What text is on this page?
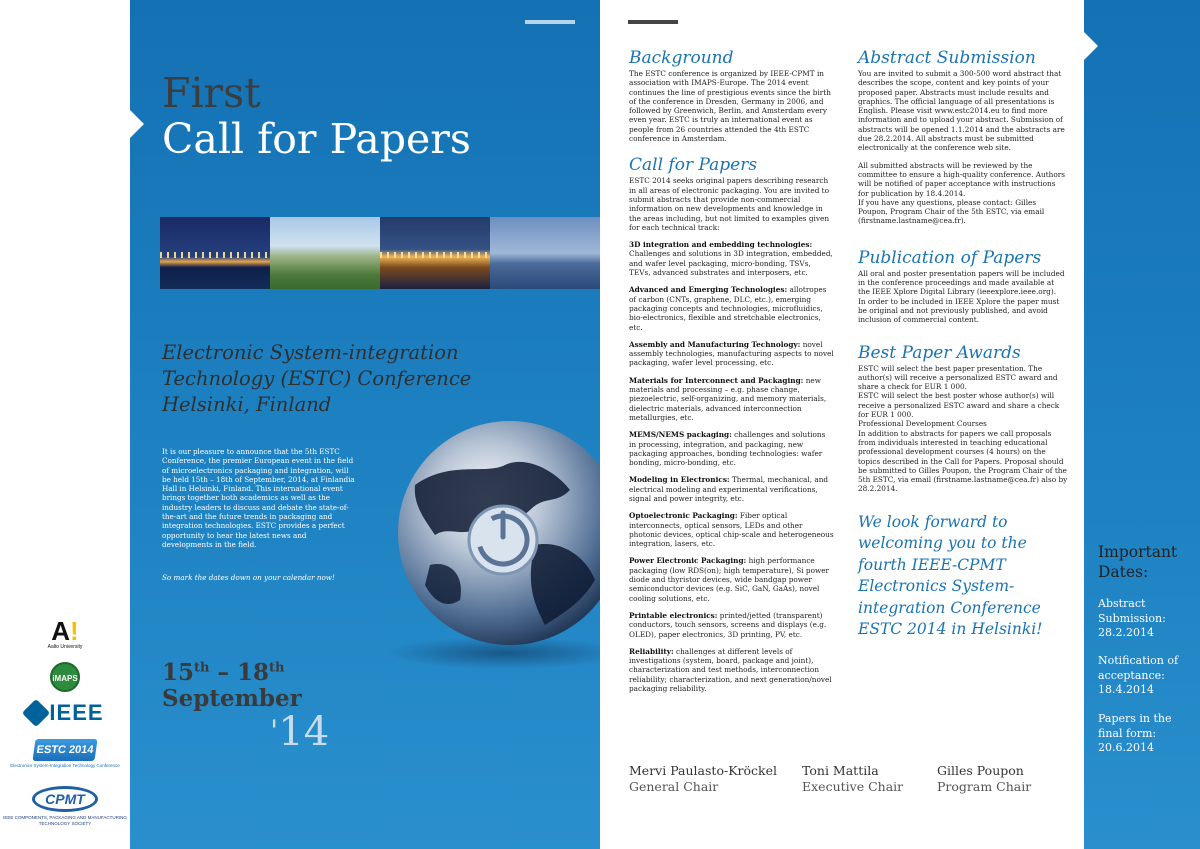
A!
Aalto University
iMAPS
IEEE
ESTC 2014
Electronics System-Integration Technology Conference
CPMT
IEEE COMPONENTS, PACKAGING AND MANUFACTURING TECHNOLOGY SOCIETY
First
Call for Papers
Electronic System-integration
Technology (ESTC) Conference
Helsinki, Finland
It is our pleasure to announce that the 5th ESTC Conference, the premier European event in the field of microelectronics packaging and integration, will be held 15th – 18th of September, 2014, at Finlandia Hall in Helsinki, Finland. This international event brings together both academics as well as the industry leaders to discuss and debate the state-of-the-art and the future trends in packaging and integration technologies. ESTC provides a perfect opportunity to hear the latest news and developments in the field.
So mark the dates down on your calendar now!
15th – 18th
September
'14
Background
The ESTC conference is organized by IEEE-CPMT in association with IMAPS-Europe. The 2014 event continues the line of prestigious events since the birth of the conference in Dresden, Germany in 2006, and followed by Greenwich, Berlin, and Amsterdam every even year. ESTC is truly an international event as people from 26 countries attended the 4th ESTC conference in Amsterdam.
Call for Papers
ESTC 2014 seeks original papers describing research in all areas of electronic packaging. You are invited to submit abstracts that provide non-commercial information on new developments and knowledge in the areas including, but not limited to examples given for each technical track:
3D integration and embedding technologies: Challenges and solutions in 3D integration, embedded, and wafer level packaging, micro-bonding, TSVs, TEVs, advanced substrates and interposers, etc.
Advanced and Emerging Technologies: allotropes of carbon (CNTs, graphene, DLC, etc.), emerging packaging concepts and technologies, microfluidics, bio-electronics, flexible and stretchable electronics, etc.
Assembly and Manufacturing Technology: novel assembly technologies, manufacturing aspects to novel packaging, wafer level processing, etc.
Materials for Interconnect and Packaging: new materials and processing – e.g. phase change, piezoelectric, self-organizing, and memory materials, dielectric materials, advanced interconnection metallurgies, etc.
MEMS/NEMS packaging: challenges and solutions in processing, integration, and packaging, new packaging approaches, bonding technologies: wafer bonding, micro-bonding, etc.
Modeling in Electronics: Thermal, mechanical, and electrical modeling and experimental verifications, signal and power integrity, etc.
Optoelectronic Packaging: Fiber optical interconnects, optical sensors, LEDs and other photonic devices, optical chip-scale and heterogeneous integration, lasers, etc.
Power Electronic Packaging: high performance packaging (low RDS(on); high temperature), Si power diode and thyristor devices, wide bandgap power semiconductor devices (e.g. SiC, GaN, GaAs), novel cooling solutions, etc.
Printable electronics: printed/jetted (transparent) conductors, touch sensors, screens and displays (e.g. OLED), paper electronics, 3D printing, PV, etc.
Reliability: challenges at different levels of investigations (system, board, package and joint), characterization and test methods, interconnection reliability; characterization, and next generation/novel packaging reliability.
Abstract Submission
You are invited to submit a 300-500 word abstract that describes the scope, content and key points of your proposed paper. Abstracts must include results and graphics. The official language of all presentations is English. Please visit www.estc2014.eu to find more information and to upload your abstract. Submission of abstracts will be opened 1.1.2014 and the abstracts are due 28.2.2014. All abstracts must be submitted electronically at the conference web site.
All submitted abstracts will be reviewed by the committee to ensure a high-quality conference. Authors will be notified of paper acceptance with instructions for publication by 18.4.2014.
If you have any questions, please contact: Gilles Poupon, Program Chair of the 5th ESTC, via email (firstname.lastname@cea.fr).
Publication of Papers
All oral and poster presentation papers will be included in the conference proceedings and made available at the IEEE Xplore Digital Library (ieeexplore.ieee.org).
In order to be included in IEEE Xplore the paper must be original and not previously published, and avoid inclusion of commercial content.
Best Paper Awards
ESTC will select the best paper presentation. The author(s) will receive a personalized ESTC award and share a check for EUR 1 000.
ESTC will select the best poster whose author(s) will receive a personalized ESTC award and share a check for EUR 1 000.
Professional Development Courses
In addition to abstracts for papers we call proposals from individuals interested in teaching educational professional development courses (4 hours) on the topics described in the Call for Papers. Proposal should be submitted to Gilles Poupon, the Program Chair of the 5th ESTC, via email (firstname.lastname@cea.fr) also by 28.2.2014.
We look forward to welcoming you to the fourth IEEE-CPMT Electronics System-integration Conference ESTC 2014 in Helsinki!
Mervi Paulasto-Kröckel
General Chair
Toni Mattila
Executive Chair
Gilles Poupon
Program Chair
Important
Dates:
Abstract Submission:
28.2.2014
Notification of acceptance:
18.4.2014
Papers in the final form:
20.6.2014
